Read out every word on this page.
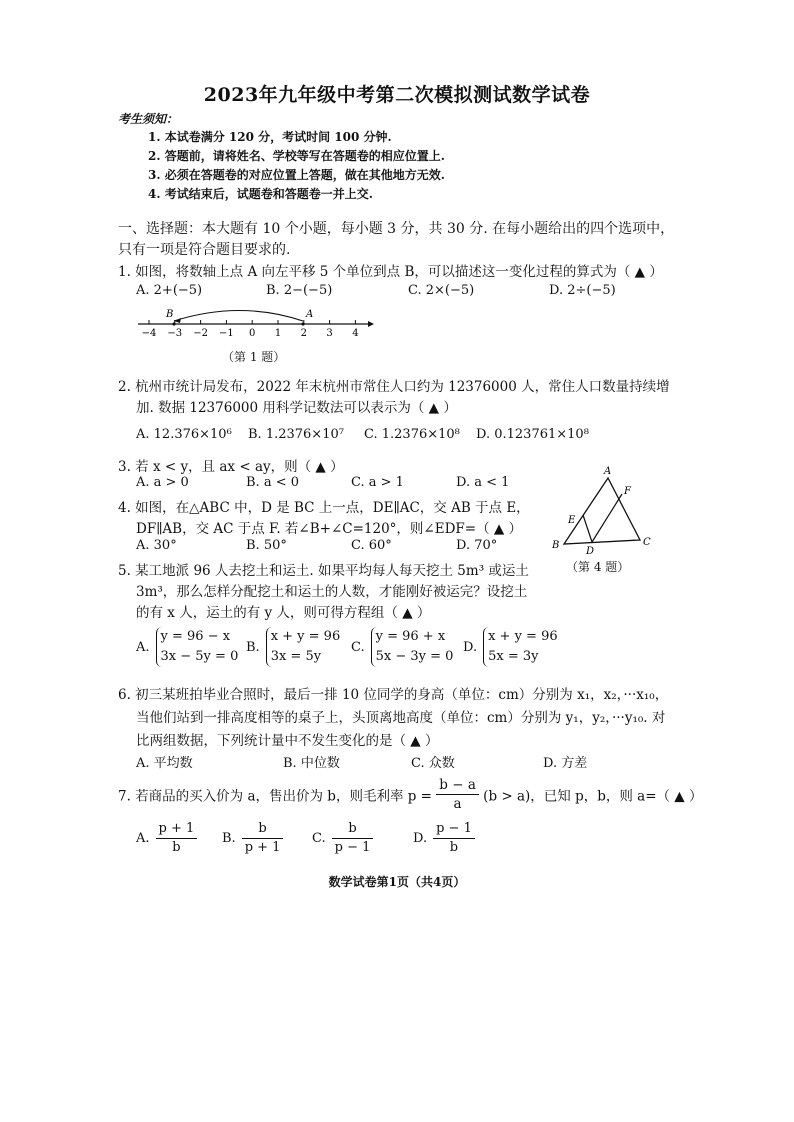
2023年九年级中考第二次模拟测试数学试卷
考生须知：
1. 本试卷满分 120 分，考试时间 100 分钟.
2. 答题前，请将姓名、学校等写在答题卷的相应位置上.
3. 必须在答题卷的对应位置上答题，做在其他地方无效.
4. 考试结束后，试题卷和答题卷一并上交.
一、选择题：本大题有 10 个小题，每小题 3 分，共 30 分. 在每小题给出的四个选项中，
只有一项是符合题目要求的.
1. 如图，将数轴上点 A 向左平移 5 个单位到点 B，可以描述这一变化过程的算式为（ ▲ ）
A. 2+(−5)	B. 2−(−5)	C. 2×(−5)	D. 2÷(−5)
A
B
−4 −3 −2 −1 0 1 2 3 4
（第 1 题）
2. 杭州市统计局发布，2022 年末杭州市常住人口约为 12376000 人，常住人口数量持续增
加. 数据 12376000 用科学记数法可以表示为（ ▲ ）
A. 12.376×10⁶ B. 1.2376×10⁷ C. 1.2376×10⁸ D. 0.123761×10⁸
3. 若 x < y，且 ax < ay，则（ ▲ ）
A. a > 0	B. a < 0	C. a > 1	D. a < 1
4. 如图，在△ABC 中，D 是 BC 上一点，DE∥AC，交 AB 于点 E，
DF∥AB，交 AC 于点 F. 若∠B+∠C=120°，则∠EDF=（ ▲ ）
A. 30°	B. 50°	C. 60°	D. 70°
A
B	C
D
E
F
（第 4 题）
5. 某工地派 96 人去挖土和运土. 如果平均每人每天挖土 5m³ 或运土
3m³，那么怎样分配挖土和运土的人数，才能刚好被运完？设挖土
的有 x 人，运土的有 y 人，则可得方程组（ ▲ ）
A.
y = 96 − x
3x − 5y = 0
B.
x + y = 96
3x = 5y
C.
y = 96 + x
5x − 3y = 0
D.
x + y = 96
5x = 3y
6. 初三某班拍毕业合照时，最后一排 10 位同学的身高（单位：cm）分别为 x₁，x₂，···x₁₀，
当他们站到一排高度相等的桌子上，头顶离地高度（单位：cm）分别为 y₁，y₂，···y₁₀. 对
比两组数据，下列统计量中不发生变化的是（ ▲ ）
A. 平均数	B. 中位数	C. 众数	D. 方差
7. 若商品的买入价为 a，售出价为 b，则毛利率 $p = \frac{b - a}{a} (b > a)$，已知 p，b，则 a=（ ▲ ）
A. $\frac{p + 1}{b} B$. $\frac{b}{p + 1} C$. $\frac{b}{p - 1}$	D. $\frac{p - 1}{b}$
数学试卷第1页（共4页）
